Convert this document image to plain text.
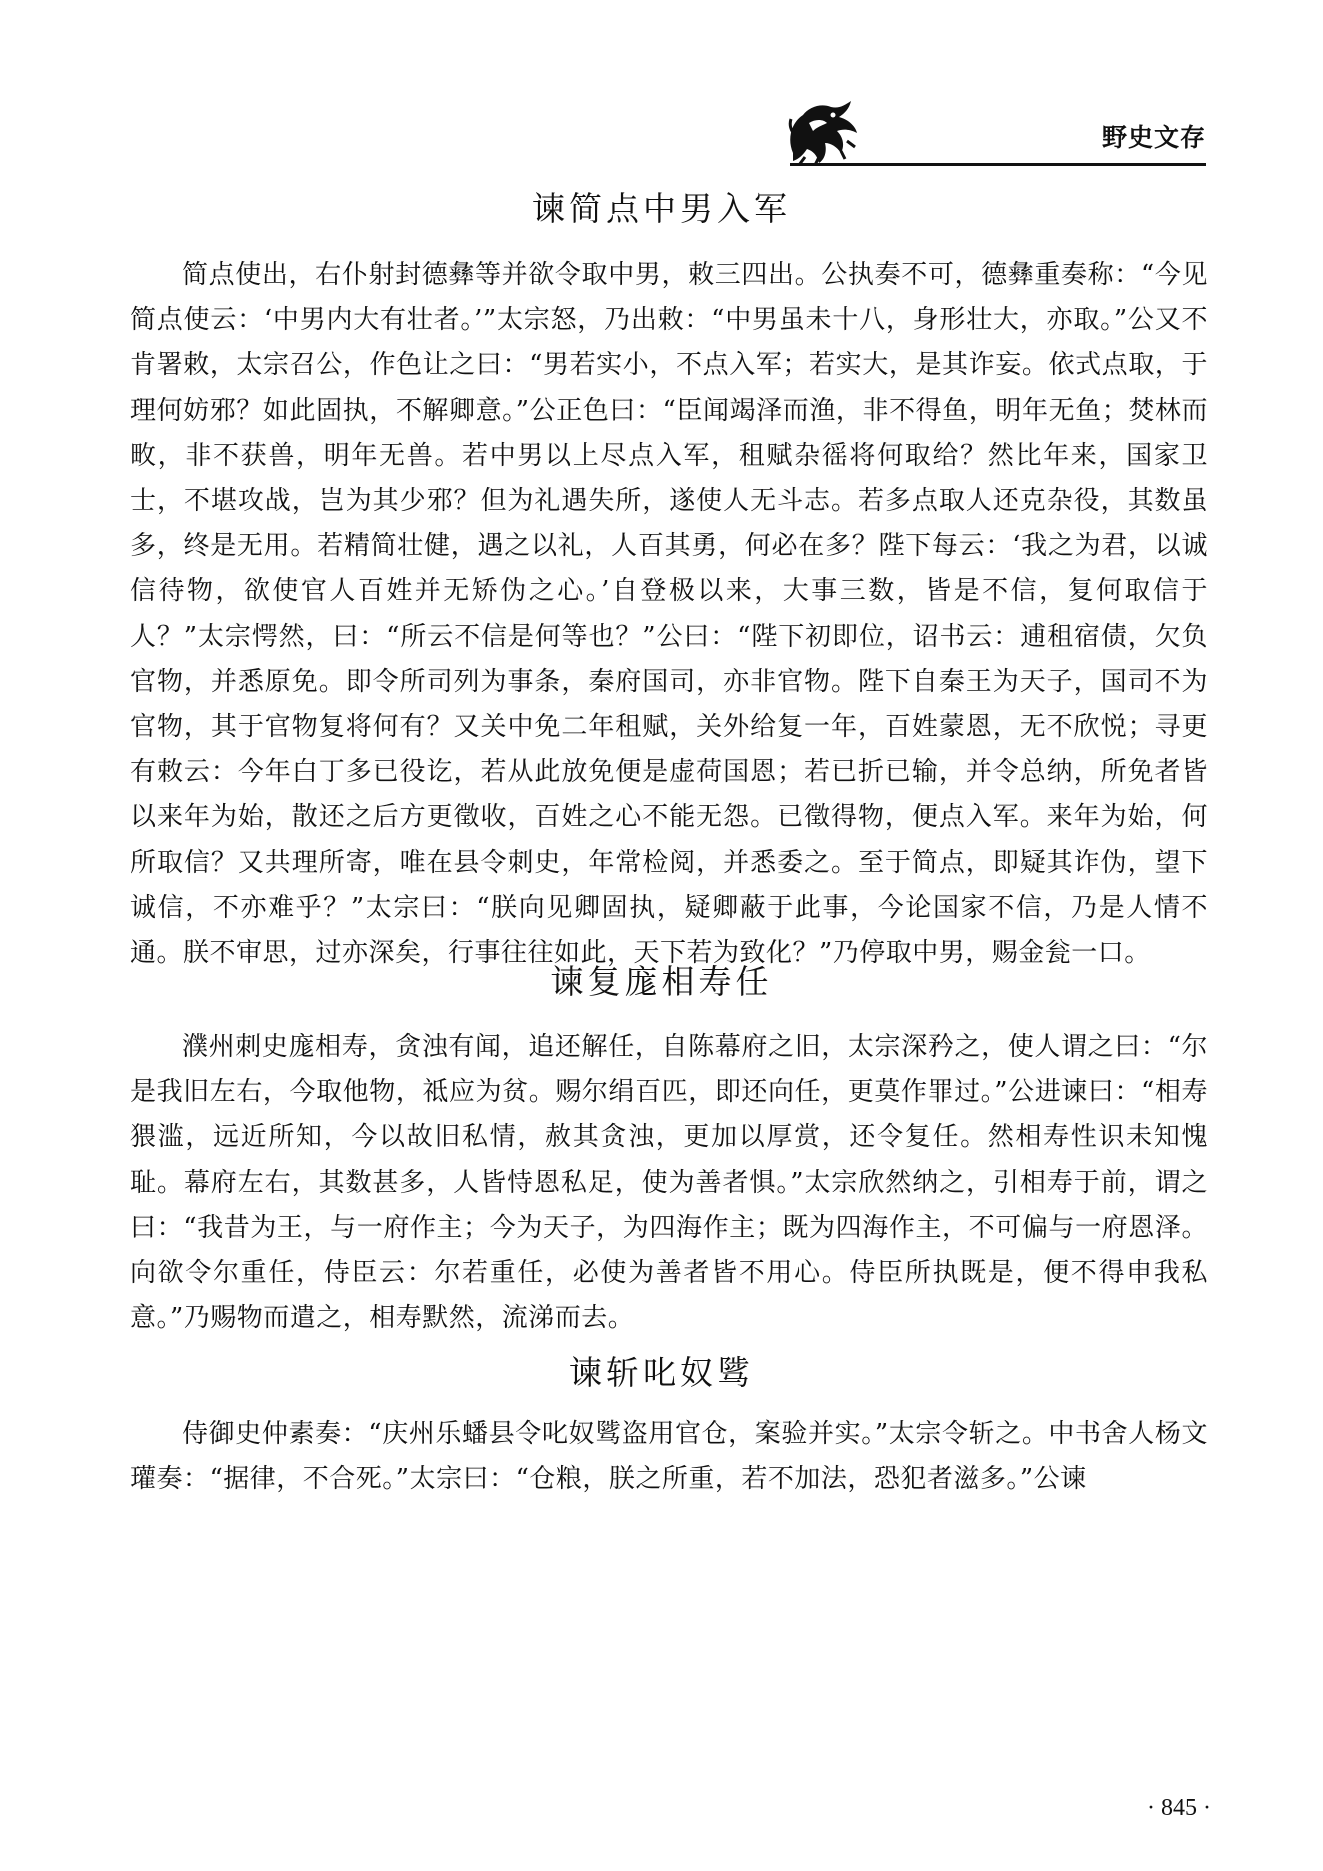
野史文存
谏简点中男入军

简点使出，右仆射封德彝等并欲令取中男，敕三四出。公执奏不可，德彝重奏称：“今见简点使云：‘中男内大有壮者。’”太宗怒，乃出敕：“中男虽未十八，身形壮大，亦取。”公又不肯署敕，太宗召公，作色让之曰：“男若实小，不点入军；若实大，是其诈妄。依式点取，于理何妨邪？如此固执，不解卿意。”公正色曰：“臣闻竭泽而渔，非不得鱼，明年无鱼；焚林而畋，非不获兽，明年无兽。若中男以上尽点入军，租赋杂徭将何取给？然比年来，国家卫士，不堪攻战，岂为其少邪？但为礼遇失所，遂使人无斗志。若多点取人还克杂役，其数虽多，终是无用。若精简壮健，遇之以礼，人百其勇，何必在多？陛下每云：‘我之为君，以诚信待物，欲使官人百姓并无矫伪之心。’自登极以来，大事三数，皆是不信，复何取信于人？”太宗愕然，曰：“所云不信是何等也？”公曰：“陛下初即位，诏书云：逋租宿债，欠负官物，并悉原免。即令所司列为事条，秦府国司，亦非官物。陛下自秦王为天子，国司不为官物，其于官物复将何有？又关中免二年租赋，关外给复一年，百姓蒙恩，无不欣悦；寻更有敕云：今年白丁多已役讫，若从此放免便是虚荷国恩；若已折已输，并令总纳，所免者皆以来年为始，散还之后方更徵收，百姓之心不能无怨。已徵得物，便点入军。来年为始，何所取信？又共理所寄，唯在县令刺史，年常检阅，并悉委之。至于简点，即疑其诈伪，望下诚信，不亦难乎？”太宗曰：“朕向见卿固执，疑卿蔽于此事，今论国家不信，乃是人情不通。朕不审思，过亦深矣，行事往往如此，天下若为致化？”乃停取中男，赐金瓮一口。

谏复庬相寿任

濮州刺史庬相寿，贪浊有闻，追还解任，自陈幕府之旧，太宗深矜之，使人谓之曰：“尔是我旧左右，今取他物，祗应为贫。赐尔绢百匹，即还向任，更莫作罪过。”公进谏曰：“相寿猥滥，远近所知，今以故旧私情，赦其贪浊，更加以厚赏，还令复任。然相寿性识未知愧耻。幕府左右，其数甚多，人皆恃恩私足，使为善者惧。”太宗欣然纳之，引相寿于前，谓之曰：“我昔为王，与一府作主；今为天子，为四海作主；既为四海作主，不可偏与一府恩泽。向欲令尔重任，侍臣云：尔若重任，必使为善者皆不用心。侍臣所执既是，便不得申我私意。”乃赐物而遣之，相寿默然，流涕而去。

谏斩叱奴骘

侍御史仲素奏：“庆州乐蟠县令叱奴骘盗用官仓，案验并实。”太宗令斩之。中书舍人杨文瓘奏：“据律，不合死。”太宗曰：“仓粮，朕之所重，若不加法，恐犯者滋多。”公谏

· 845 ·
